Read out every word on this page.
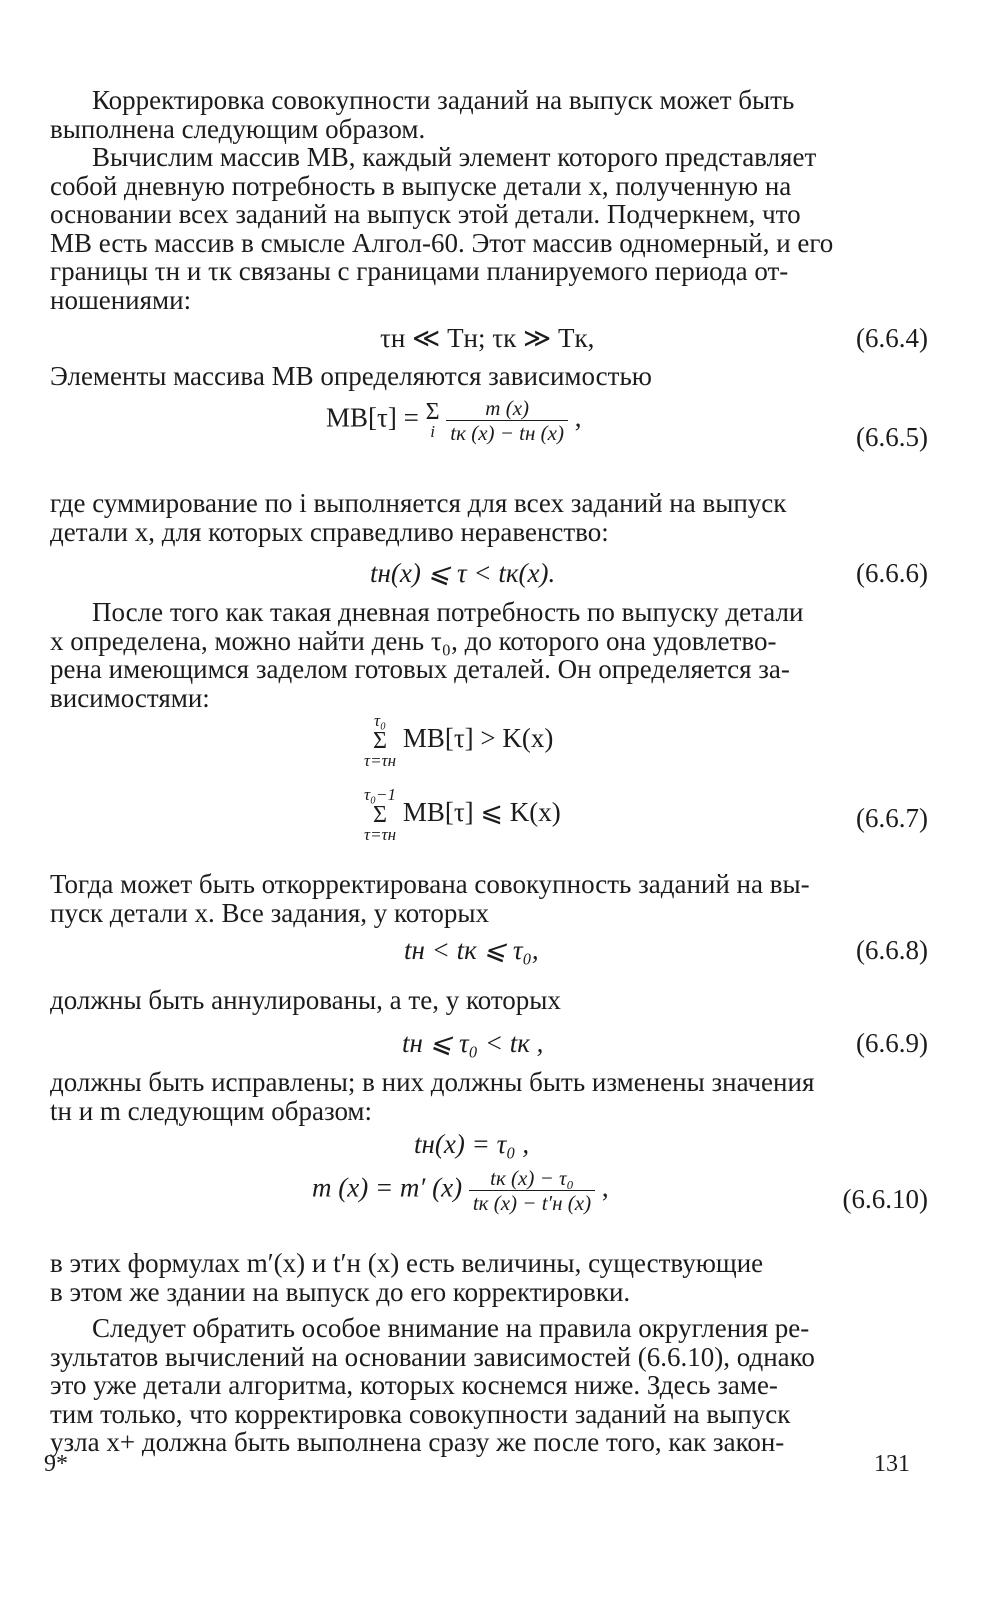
Корректировка совокупности заданий на выпуск может быть
выполнена следующим образом.
Вычислим массив МВ, каждый элемент которого представляет
собой дневную потребность в выпуске детали x, полученную на
основании всех заданий на выпуск этой детали. Подчеркнем, что
МВ есть массив в смысле Алгол-60. Этот массив одномерный, и его
границы τн и τк связаны с границами планируемого периода от-
ношениями:
τн ≪ Tн; τк ≫ Tк,	(6.6.4)
Элементы массива МВ определяются зависимостью
МВ[τ] = Σ
i
$\frac{m (x)}{tк (x) - tн (x)}$ ,
(6.6.5)
где суммирование по i выполняется для всех заданий на выпуск
детали x, для которых справедливо неравенство:
tн(x) ⩽ τ < tк(x).	(6.6.6)
После того как такая дневная потребность по выпуску детали
x определена, можно найти день τ₀, до которого она удовлетво-
рена имеющимся заделом готовых деталей. Он определяется за-
висимостями:
τ₀
Σ
τ=τн
МВ[τ] > K(x)
τ₀−1
Σ
τ=τн
МВ[τ] ⩽ K(x)	(6.6.7)
Тогда может быть откорректирована совокупность заданий на вы-
пуск детали x. Все задания, у которых
tн < tк ⩽ τ₀,	(6.6.8)
должны быть аннулированы, а те, у которых
tн ⩽ τ₀ < tк ,	(6.6.9)
должны быть исправлены; в них должны быть изменены значения
tн и m следующим образом:
tн(x) = τ₀ ,
m (x) = m′ $(x) \frac{\text{tк (x) − τ₀}}{tк (x) - t'н (x)}$ ,	(6.6.10)
в этих формулах m′(x) и t′н (x) есть величины, существующие
в этом же здании на выпуск до его корректировки.
Следует обратить особое внимание на правила округления ре-
зультатов вычислений на основании зависимостей (6.6.10), однако
это уже детали алгоритма, которых коснемся ниже. Здесь заме-
тим только, что корректировка совокупности заданий на выпуск
узла x+ должна быть выполнена сразу же после того, как закон-
9*	131
